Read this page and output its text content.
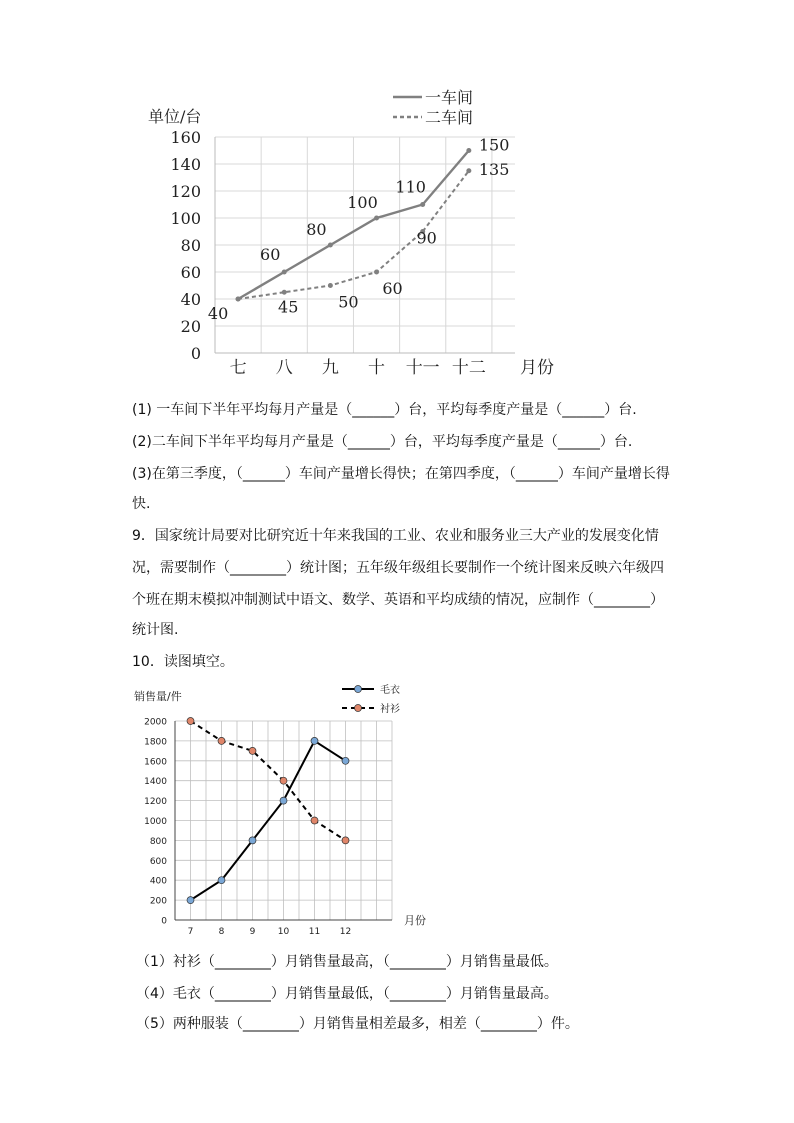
0
20
40
60
80
100
120
140
160
单位/台
七 八 九 十 十一 十二 月份
40
60
80
100
110
150
45 50
60
90
135
一车间
二车间
(1) 一车间下半年平均每月产量是（______）台，平均每季度产量是（______）台.
(2)二车间下半年平均每月产量是（______）台，平均每季度产量是（______）台.
(3)在第三季度，（______）车间产量增长得快；在第四季度，（______）车间产量增长得
快.
9．国家统计局要对比研究近十年来我国的工业、农业和服务业三大产业的发展变化情
况，需要制作（________）统计图；五年级年级组长要制作一个统计图来反映六年级四
个班在期末模拟冲制测试中语文、数学、英语和平均成绩的情况，应制作（________）
统计图.
10．读图填空。
0
200
400
600
800
1000
1200
1400
1600
1800
2000
销售量/件
7	8	9 10 11 12
月份
毛衣
衬衫
（1）衬衫（________）月销售量最高，（________）月销售量最低。
（4）毛衣（________）月销售量最低，（________）月销售量最高。
（5）两种服装（________）月销售量相差最多，相差（________）件。
